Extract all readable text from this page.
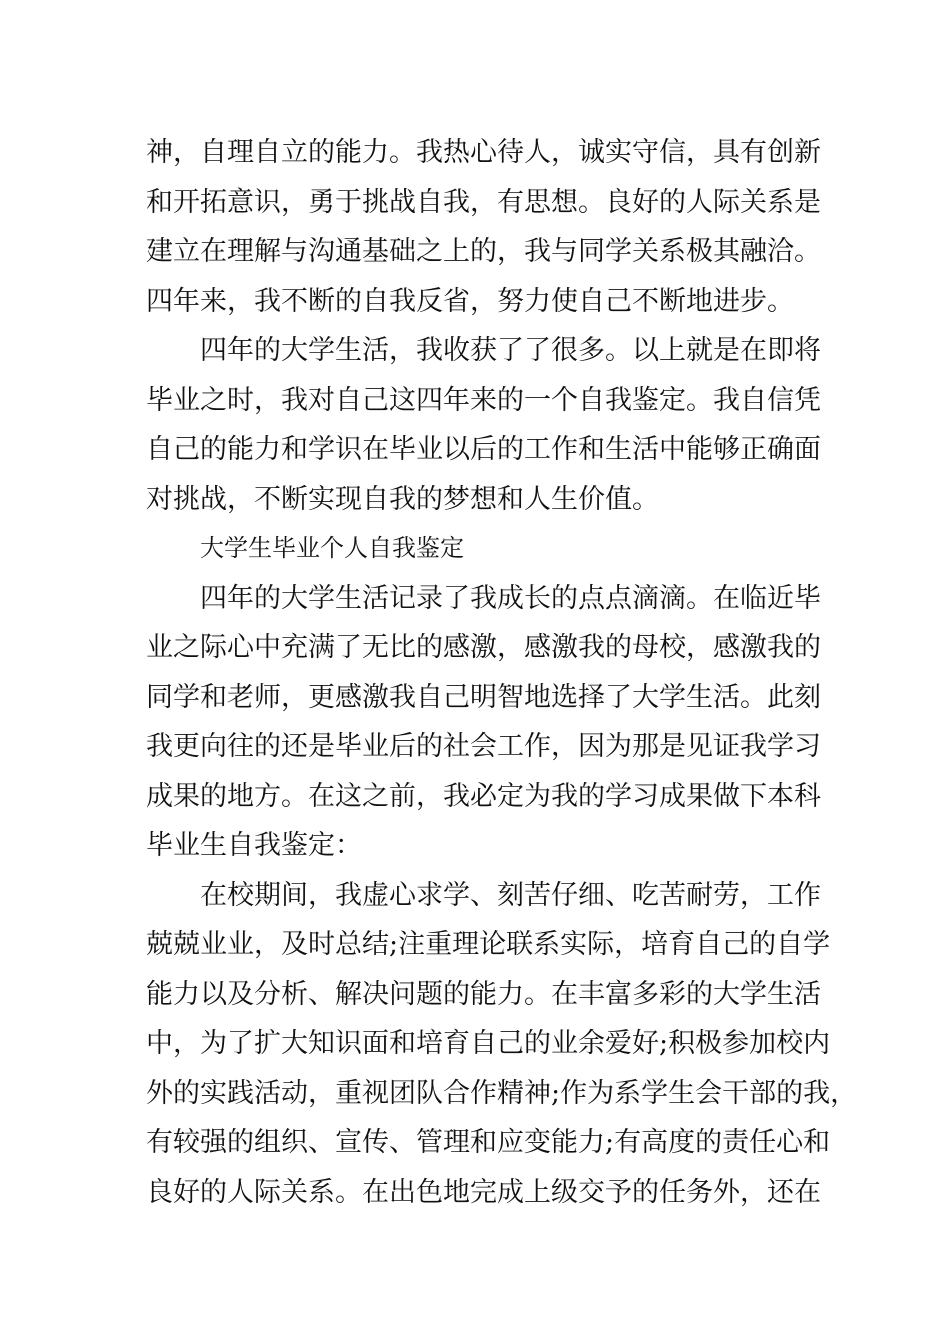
神，自理自立的能力。我热心待人，诚实守信，具有创新
和开拓意识，勇于挑战自我，有思想。良好的人际关系是
建立在理解与沟通基础之上的，我与同学关系极其融洽。
四年来，我不断的自我反省，努力使自己不断地进步。
四年的大学生活，我收获了了很多。以上就是在即将
毕业之时，我对自己这四年来的一个自我鉴定。我自信凭
自己的能力和学识在毕业以后的工作和生活中能够正确面
对挑战，不断实现自我的梦想和人生价值。
大学生毕业个人自我鉴定
四年的大学生活记录了我成长的点点滴滴。在临近毕
业之际心中充满了无比的感激，感激我的母校，感激我的
同学和老师，更感激我自己明智地选择了大学生活。此刻
我更向往的还是毕业后的社会工作，因为那是见证我学习
成果的地方。在这之前，我必定为我的学习成果做下本科
毕业生自我鉴定：
在校期间，我虚心求学、刻苦仔细、吃苦耐劳，工作
兢兢业业，及时总结;注重理论联系实际，培育自己的自学
能力以及分析、解决问题的能力。在丰富多彩的大学生活
中，为了扩大知识面和培育自己的业余爱好;积极参加校内
外的实践活动，重视团队合作精神;作为系学生会干部的我，
有较强的组织、宣传、管理和应变能力;有高度的责任心和
良好的人际关系。在出色地完成上级交予的任务外，还在
